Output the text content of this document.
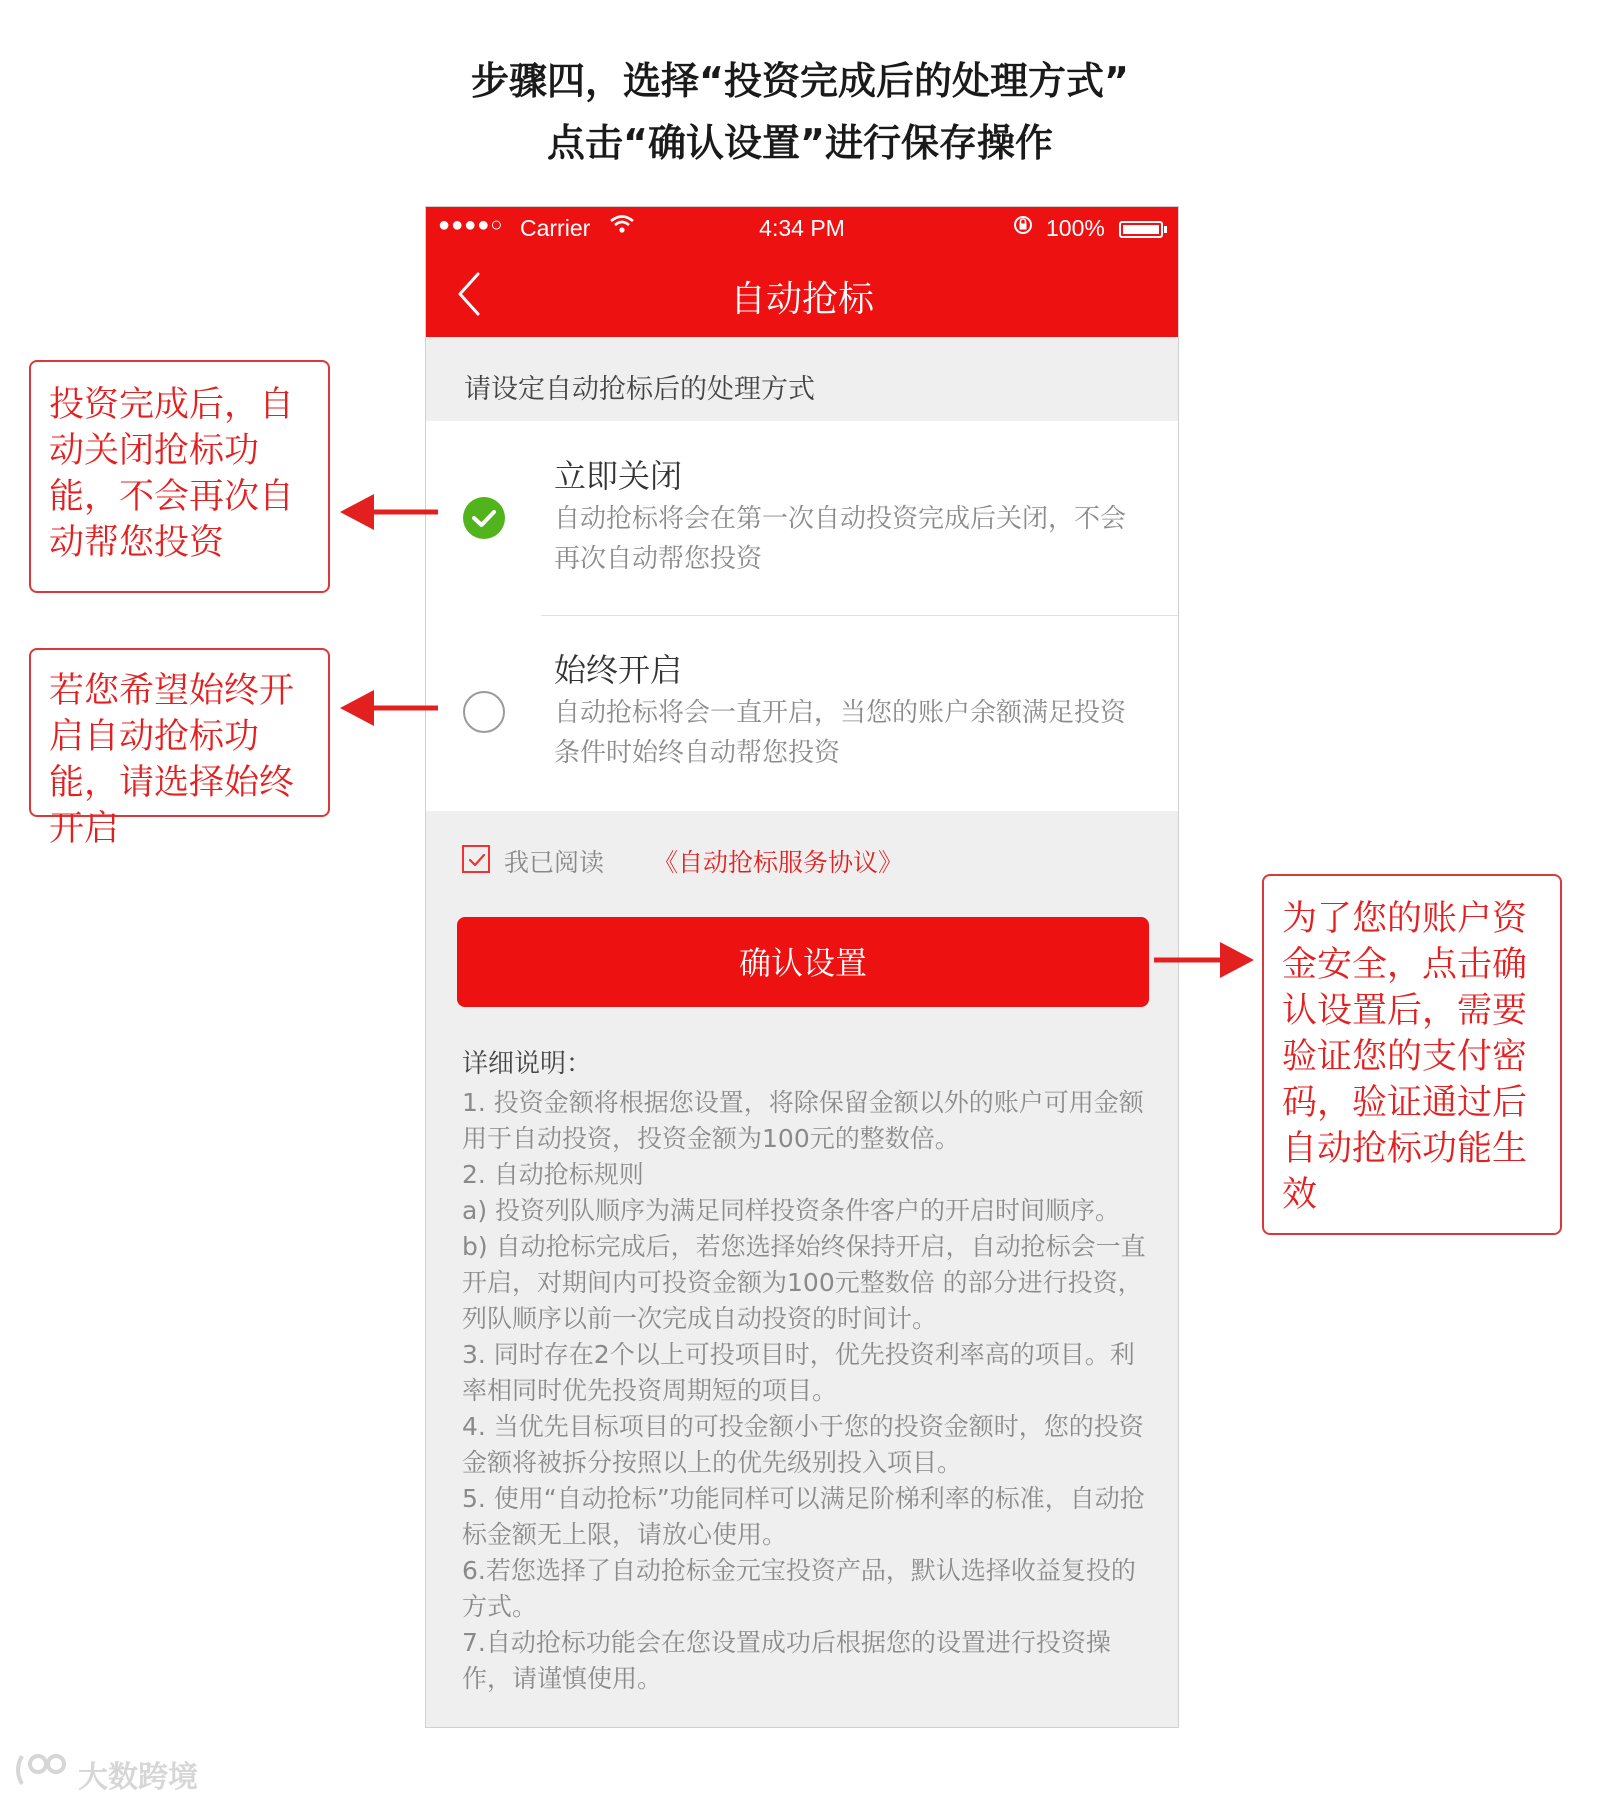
步骤四，选择“投资完成后的处理方式”
点击“确认设置”进行保存操作
●●●●○ Carrier	4:34 PM	100%
自动抢标
请设定自动抢标后的处理方式
立即关闭
自动抢标将会在第一次自动投资完成后关闭，不会再次自动帮您投资
始终开启
自动抢标将会一直开启，当您的账户余额满足投资条件时始终自动帮您投资
我已阅读 《自动抢标服务协议》
确认设置
详细说明：
1. 投资金额将根据您设置，将除保留金额以外的账户可用金额用于自动投资，投资金额为100元的整数倍。
2. 自动抢标规则
a) 投资列队顺序为满足同样投资条件客户的开启时间顺序。
b) 自动抢标完成后，若您选择始终保持开启，自动抢标会一直开启，对期间内可投资金额为100元整数倍 的部分进行投资，列队顺序以前一次完成自动投资的时间计。
3. 同时存在2个以上可投项目时，优先投资利率高的项目。利率相同时优先投资周期短的项目。
4. 当优先目标项目的可投金额小于您的投资金额时，您的投资金额将被拆分按照以上的优先级别投入项目。
5. 使用“自动抢标”功能同样可以满足阶梯利率的标准，自动抢标金额无上限，请放心使用。
6.若您选择了自动抢标金元宝投资产品，默认选择收益复投的方式。
7.自动抢标功能会在您设置成功后根据您的设置进行投资操作，请谨慎使用。
投资完成后，自动关闭抢标功能，不会再次自动帮您投资
若您希望始终开启自动抢标功能，请选择始终开启
为了您的账户资金安全，点击确认设置后，需要验证您的支付密码，验证通过后自动抢标功能生效
大数跨境
